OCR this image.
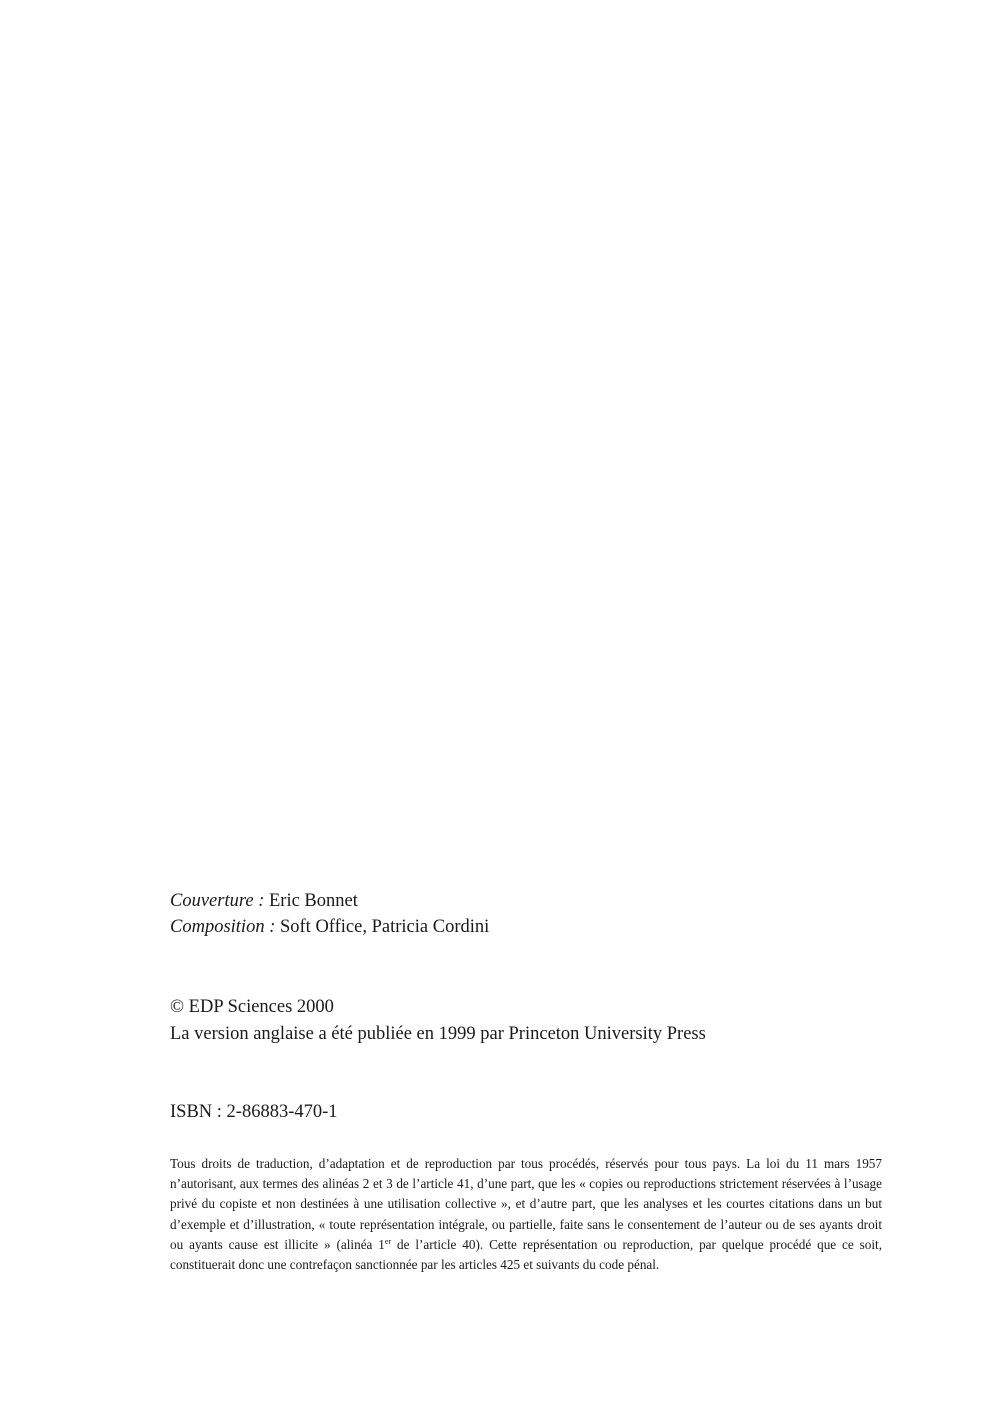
Couverture : Eric Bonnet
Composition : Soft Office, Patricia Cordini
© EDP Sciences 2000
La version anglaise a été publiée en 1999 par Princeton University Press
ISBN : 2-86883-470-1
Tous droits de traduction, d’adaptation et de reproduction par tous procédés, réservés pour tous pays. La loi du 11 mars 1957 n’autorisant, aux termes des alinéas 2 et 3 de l’article 41, d’une part, que les « copies ou reproductions strictement réservées à l’usage privé du copiste et non destinées à une utilisation collective », et d’autre part, que les analyses et les courtes citations dans un but d’exemple et d’illustration, « toute représentation intégrale, ou partielle, faite sans le consentement de l’auteur ou de ses ayants droit ou ayants cause est illicite » (alinéa 1er de l’article 40). Cette représentation ou reproduction, par quelque procédé que ce soit, constituerait donc une contrefaçon sanctionnée par les articles 425 et suivants du code pénal.
